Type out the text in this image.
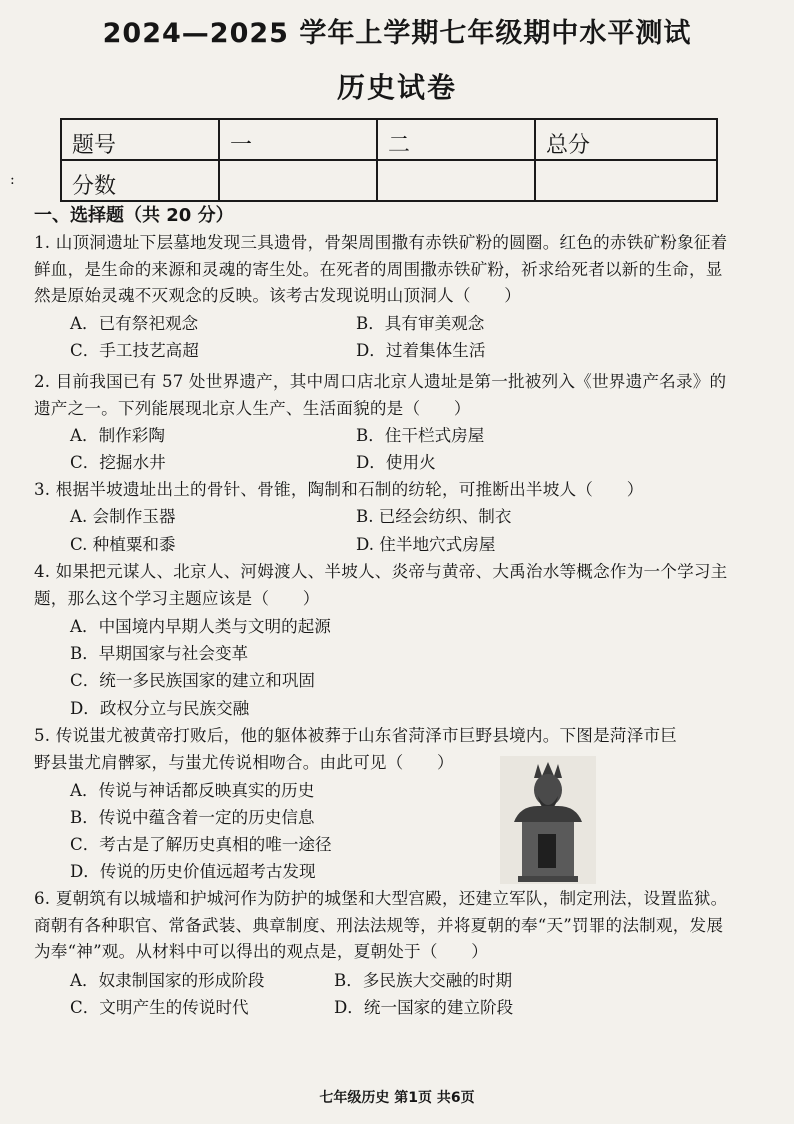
:
2024—2025 学年上学期七年级期中水平测试
历史试卷
题号	一	二	总分
分数			
一、选择题（共 20 分）
1. 山顶洞遗址下层墓地发现三具遗骨，骨架周围撒有赤铁矿粉的圆圈。红色的赤铁矿粉象征着鲜血，是生命的来源和灵魂的寄生处。在死者的周围撒赤铁矿粉，祈求给死者以新的生命，显然是原始灵魂不灭观念的反映。该考古发现说明山顶洞人（　　）
A．已有祭祀观念	B．具有审美观念
C．手工技艺高超	D．过着集体生活
2. 目前我国已有 57 处世界遗产，其中周口店北京人遗址是第一批被列入《世界遗产名录》的遗产之一。下列能展现北京人生产、生活面貌的是（　　）
A．制作彩陶	B．住干栏式房屋
C．挖掘水井	D．使用火
3. 根据半坡遗址出土的骨针、骨锥，陶制和石制的纺轮，可推断出半坡人（　　）
A. 会制作玉器	B. 已经会纺织、制衣
C. 种植粟和黍	D. 住半地穴式房屋
4. 如果把元谋人、北京人、河姆渡人、半坡人、炎帝与黄帝、大禹治水等概念作为一个学习主题，那么这个学习主题应该是（　　）
A．中国境内早期人类与文明的起源
B．早期国家与社会变革
C．统一多民族国家的建立和巩固
D．政权分立与民族交融
5. 传说蚩尤被黄帝打败后，他的躯体被葬于山东省菏泽市巨野县境内。下图是菏泽市巨
野县蚩尤肩髀冢，与蚩尤传说相吻合。由此可见（　　）
A．传说与神话都反映真实的历史
B．传说中蕴含着一定的历史信息
C．考古是了解历史真相的唯一途径
D．传说的历史价值远超考古发现
6. 夏朝筑有以城墙和护城河作为防护的城堡和大型宫殿，还建立军队，制定刑法，设置监狱。商朝有各种职官、常备武装、典章制度、刑法法规等，并将夏朝的奉“天”罚罪的法制观，发展为奉“神”观。从材料中可以得出的观点是，夏朝处于（　　）
A．奴隶制国家的形成阶段	B．多民族大交融的时期
C．文明产生的传说时代	D．统一国家的建立阶段
七年级历史 第1页 共6页
